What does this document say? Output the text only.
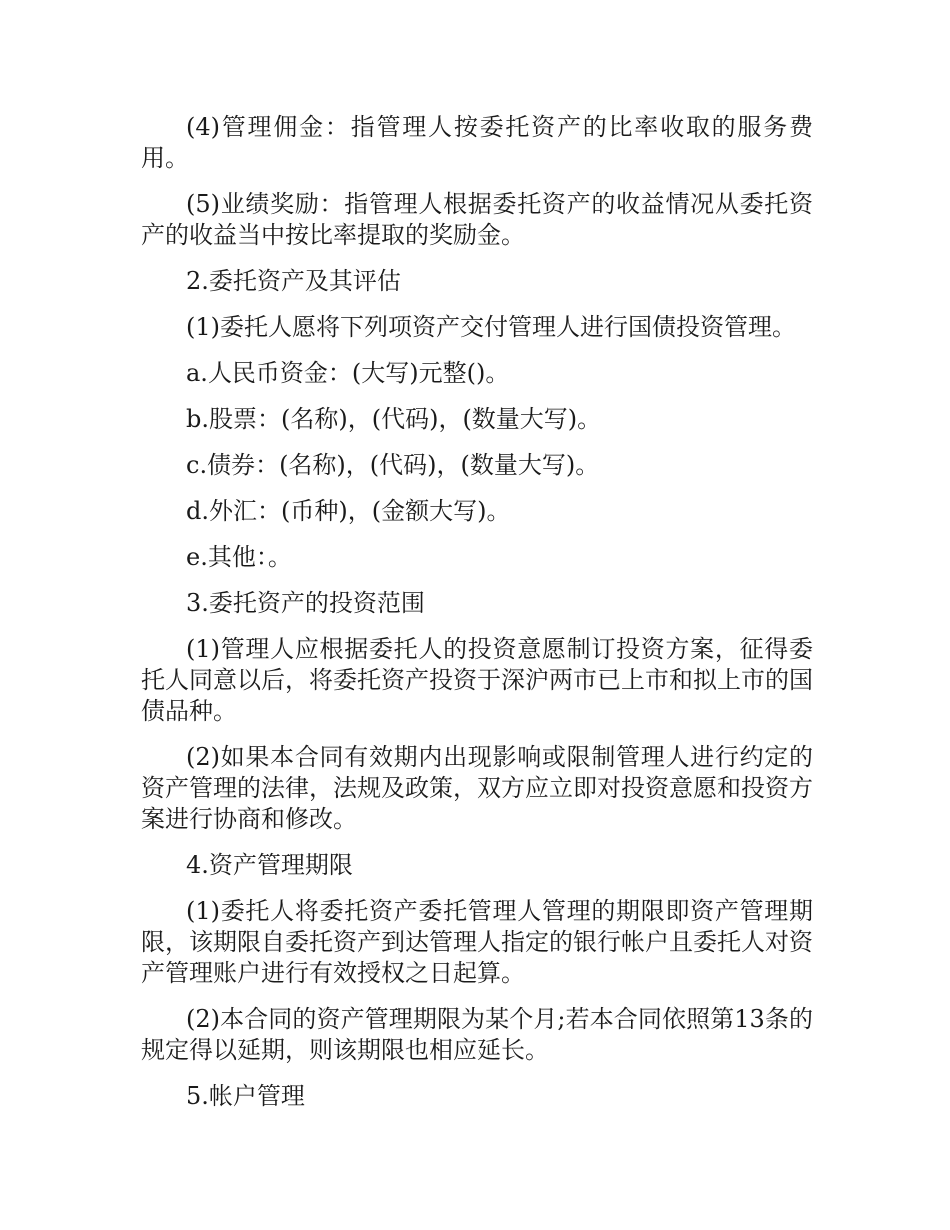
(4)管理佣金：指管理人按委托资产的比率收取的服务费用。

(5)业绩奖励：指管理人根据委托资产的收益情况从委托资产的收益当中按比率提取的奖励金。

2.委托资产及其评估

(1)委托人愿将下列项资产交付管理人进行国债投资管理。

a.人民币资金：(大写)元整()。

b.股票：(名称)，(代码)，(数量大写)。

c.债券：(名称)，(代码)，(数量大写)。

d.外汇：(币种)，(金额大写)。

e.其他：。

3.委托资产的投资范围

(1)管理人应根据委托人的投资意愿制订投资方案，征得委托人同意以后，将委托资产投资于深沪两市已上市和拟上市的国债品种。

(2)如果本合同有效期内出现影响或限制管理人进行约定的资产管理的法律，法规及政策，双方应立即对投资意愿和投资方案进行协商和修改。

4.资产管理期限

(1)委托人将委托资产委托管理人管理的期限即资产管理期限，该期限自委托资产到达管理人指定的银行帐户且委托人对资产管理账户进行有效授权之日起算。

(2)本合同的资产管理期限为某个月;若本合同依照第13条的规定得以延期，则该期限也相应延长。

5.帐户管理
